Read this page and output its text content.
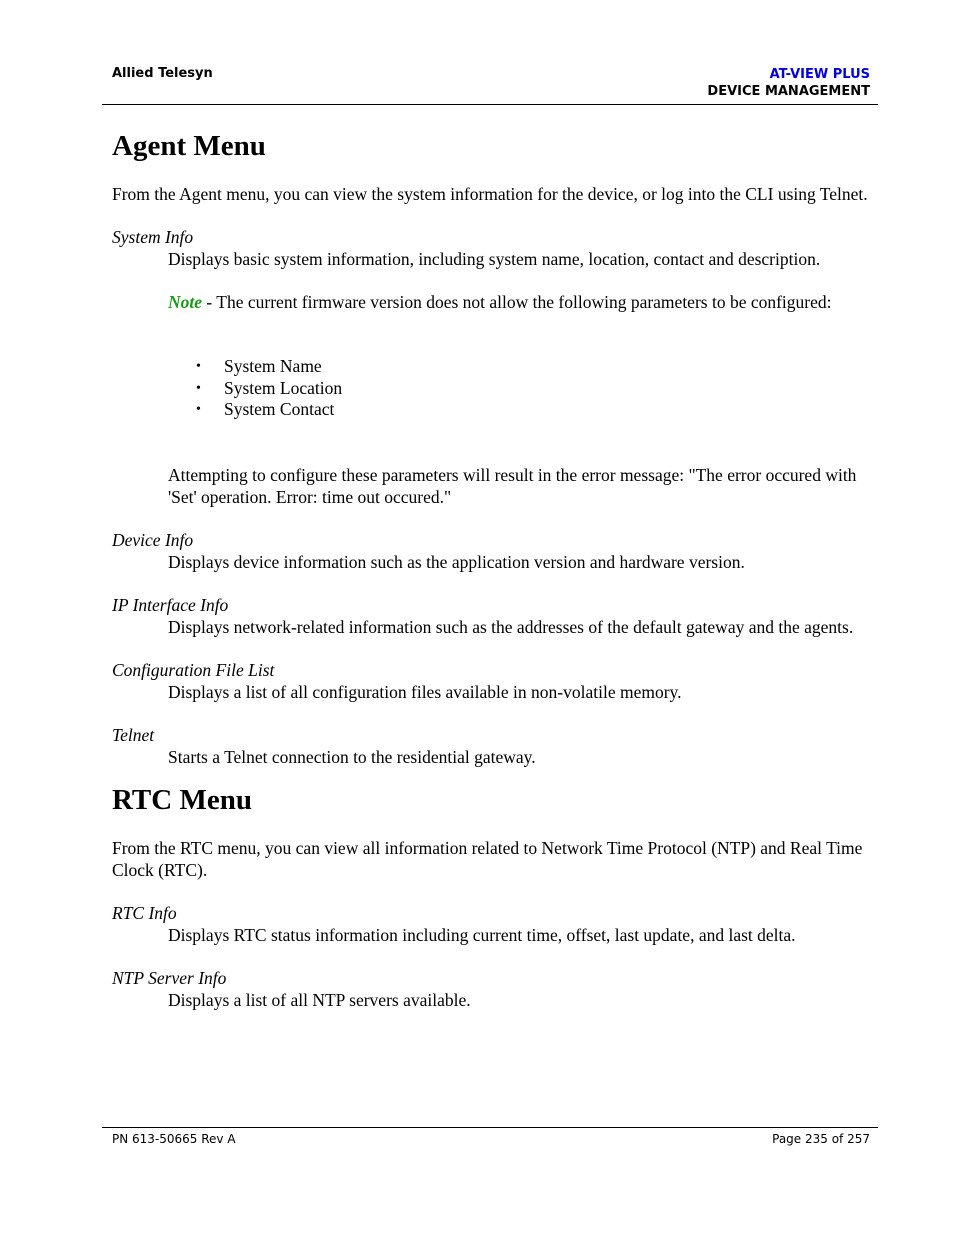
Allied Telesyn	AT-VIEW PLUS
DEVICE MANAGEMENT
Agent Menu

From the Agent menu, you can view the system information for the device, or log into the CLI using Telnet.

System Info

Displays basic system information, including system name, location, contact and description.

Note - The current firmware version does not allow the following parameters to be configured:

• System Name
• System Location
• System Contact

Attempting to configure these parameters will result in the error message: "The error occured with 'Set' operation. Error: time out occured."

Device Info

Displays device information such as the application version and hardware version.

IP Interface Info

Displays network-related information such as the addresses of the default gateway and the agents.

Configuration File List

Displays a list of all configuration files available in non-volatile memory.

Telnet

Starts a Telnet connection to the residential gateway.

RTC Menu

From the RTC menu, you can view all information related to Network Time Protocol (NTP) and Real Time Clock (RTC).

RTC Info

Displays RTC status information including current time, offset, last update, and last delta.

NTP Server Info

Displays a list of all NTP servers available.

PN 613-50665 Rev A	Page 235 of 257
